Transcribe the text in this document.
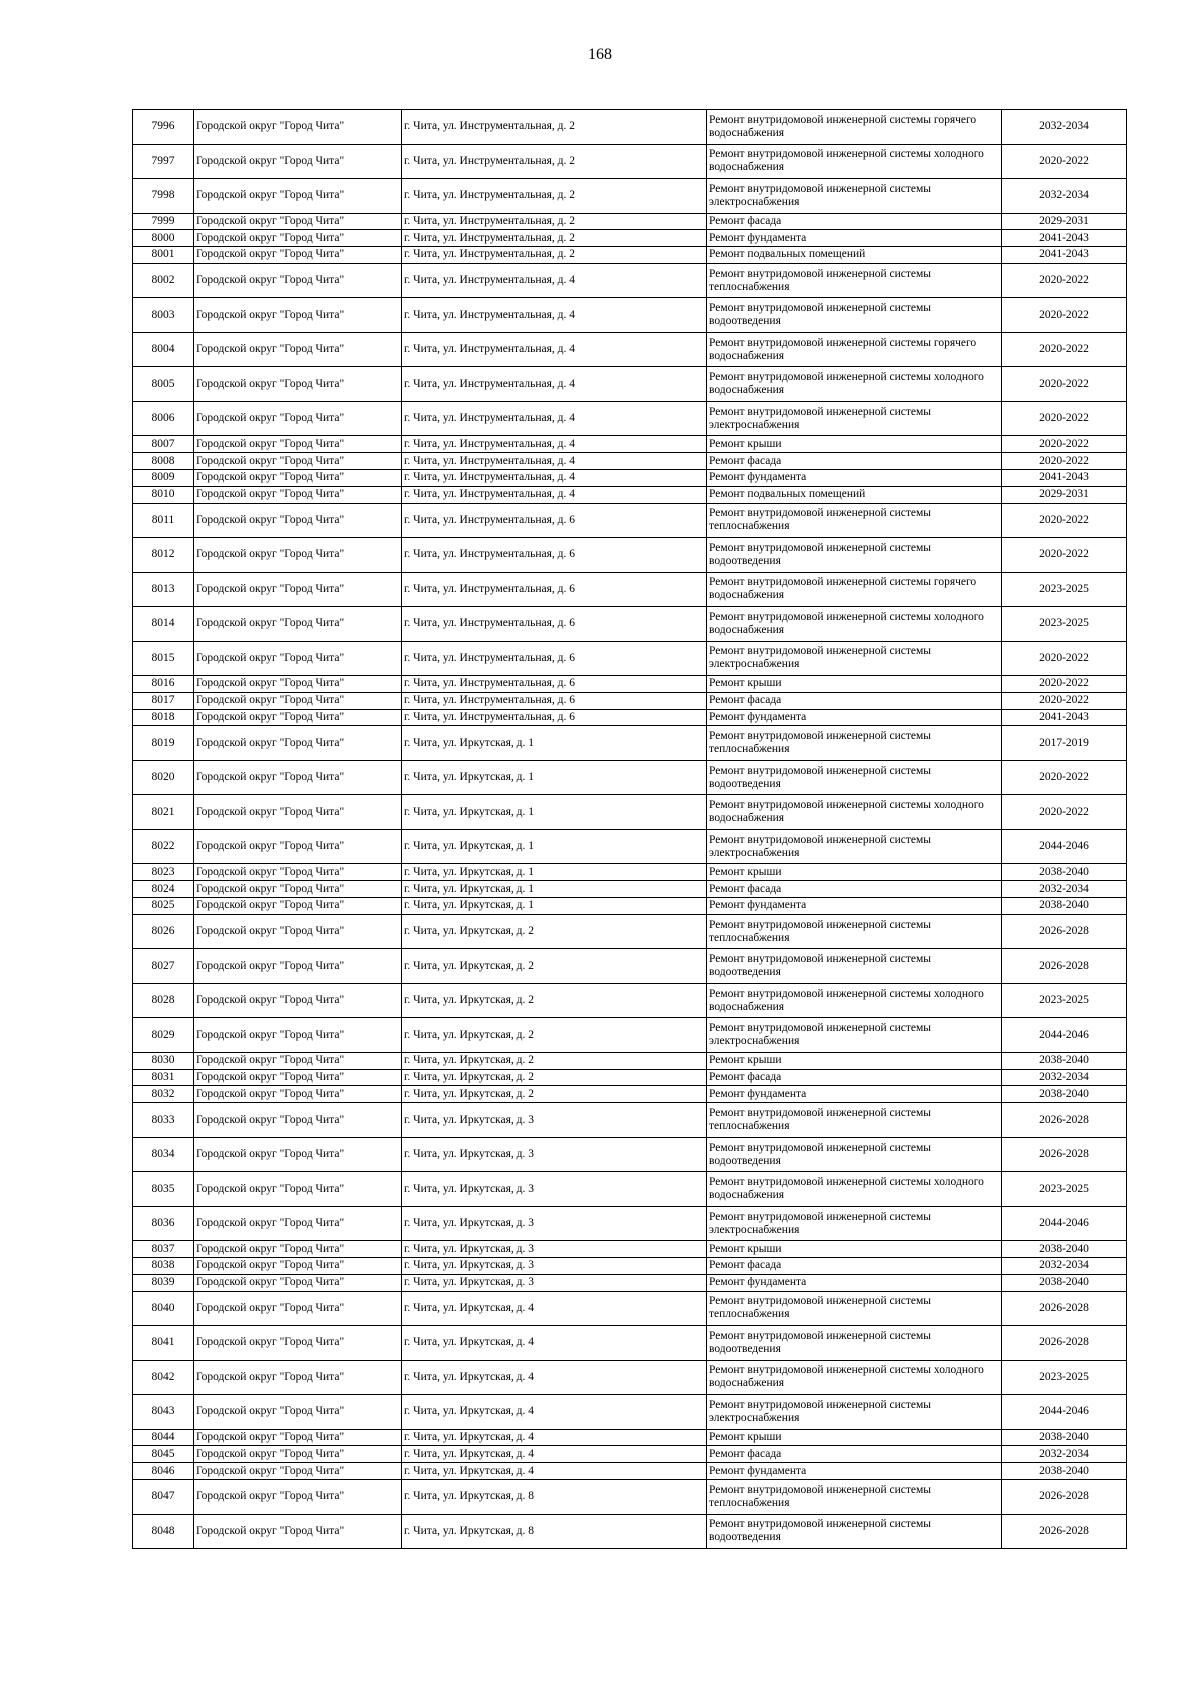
168
7996	Городской округ "Город Чита"	г. Чита, ул. Инструментальная, д. 2	Ремонт внутридомовой инженерной системы горячего водоснабжения	2032-2034
7997	Городской округ "Город Чита"	г. Чита, ул. Инструментальная, д. 2	Ремонт внутридомовой инженерной системы холодного водоснабжения	2020-2022
7998	Городской округ "Город Чита"	г. Чита, ул. Инструментальная, д. 2	Ремонт внутридомовой инженерной системы электроснабжения	2032-2034
7999	Городской округ "Город Чита"	г. Чита, ул. Инструментальная, д. 2	Ремонт фасада	2029-2031
8000	Городской округ "Город Чита"	г. Чита, ул. Инструментальная, д. 2	Ремонт фундамента	2041-2043
8001	Городской округ "Город Чита"	г. Чита, ул. Инструментальная, д. 2	Ремонт подвальных помещений	2041-2043
8002	Городской округ "Город Чита"	г. Чита, ул. Инструментальная, д. 4	Ремонт внутридомовой инженерной системы теплоснабжения	2020-2022
8003	Городской округ "Город Чита"	г. Чита, ул. Инструментальная, д. 4	Ремонт внутридомовой инженерной системы водоотведения	2020-2022
8004	Городской округ "Город Чита"	г. Чита, ул. Инструментальная, д. 4	Ремонт внутридомовой инженерной системы горячего водоснабжения	2020-2022
8005	Городской округ "Город Чита"	г. Чита, ул. Инструментальная, д. 4	Ремонт внутридомовой инженерной системы холодного водоснабжения	2020-2022
8006	Городской округ "Город Чита"	г. Чита, ул. Инструментальная, д. 4	Ремонт внутридомовой инженерной системы электроснабжения	2020-2022
8007	Городской округ "Город Чита"	г. Чита, ул. Инструментальная, д. 4	Ремонт крыши	2020-2022
8008	Городской округ "Город Чита"	г. Чита, ул. Инструментальная, д. 4	Ремонт фасада	2020-2022
8009	Городской округ "Город Чита"	г. Чита, ул. Инструментальная, д. 4	Ремонт фундамента	2041-2043
8010	Городской округ "Город Чита"	г. Чита, ул. Инструментальная, д. 4	Ремонт подвальных помещений	2029-2031
8011	Городской округ "Город Чита"	г. Чита, ул. Инструментальная, д. 6	Ремонт внутридомовой инженерной системы теплоснабжения	2020-2022
8012	Городской округ "Город Чита"	г. Чита, ул. Инструментальная, д. 6	Ремонт внутридомовой инженерной системы водоотведения	2020-2022
8013	Городской округ "Город Чита"	г. Чита, ул. Инструментальная, д. 6	Ремонт внутридомовой инженерной системы горячего водоснабжения	2023-2025
8014	Городской округ "Город Чита"	г. Чита, ул. Инструментальная, д. 6	Ремонт внутридомовой инженерной системы холодного водоснабжения	2023-2025
8015	Городской округ "Город Чита"	г. Чита, ул. Инструментальная, д. 6	Ремонт внутридомовой инженерной системы электроснабжения	2020-2022
8016	Городской округ "Город Чита"	г. Чита, ул. Инструментальная, д. 6	Ремонт крыши	2020-2022
8017	Городской округ "Город Чита"	г. Чита, ул. Инструментальная, д. 6	Ремонт фасада	2020-2022
8018	Городской округ "Город Чита"	г. Чита, ул. Инструментальная, д. 6	Ремонт фундамента	2041-2043
8019	Городской округ "Город Чита"	г. Чита, ул. Иркутская, д. 1	Ремонт внутридомовой инженерной системы теплоснабжения	2017-2019
8020	Городской округ "Город Чита"	г. Чита, ул. Иркутская, д. 1	Ремонт внутридомовой инженерной системы водоотведения	2020-2022
8021	Городской округ "Город Чита"	г. Чита, ул. Иркутская, д. 1	Ремонт внутридомовой инженерной системы холодного водоснабжения	2020-2022
8022	Городской округ "Город Чита"	г. Чита, ул. Иркутская, д. 1	Ремонт внутридомовой инженерной системы электроснабжения	2044-2046
8023	Городской округ "Город Чита"	г. Чита, ул. Иркутская, д. 1	Ремонт крыши	2038-2040
8024	Городской округ "Город Чита"	г. Чита, ул. Иркутская, д. 1	Ремонт фасада	2032-2034
8025	Городской округ "Город Чита"	г. Чита, ул. Иркутская, д. 1	Ремонт фундамента	2038-2040
8026	Городской округ "Город Чита"	г. Чита, ул. Иркутская, д. 2	Ремонт внутридомовой инженерной системы теплоснабжения	2026-2028
8027	Городской округ "Город Чита"	г. Чита, ул. Иркутская, д. 2	Ремонт внутридомовой инженерной системы водоотведения	2026-2028
8028	Городской округ "Город Чита"	г. Чита, ул. Иркутская, д. 2	Ремонт внутридомовой инженерной системы холодного водоснабжения	2023-2025
8029	Городской округ "Город Чита"	г. Чита, ул. Иркутская, д. 2	Ремонт внутридомовой инженерной системы электроснабжения	2044-2046
8030	Городской округ "Город Чита"	г. Чита, ул. Иркутская, д. 2	Ремонт крыши	2038-2040
8031	Городской округ "Город Чита"	г. Чита, ул. Иркутская, д. 2	Ремонт фасада	2032-2034
8032	Городской округ "Город Чита"	г. Чита, ул. Иркутская, д. 2	Ремонт фундамента	2038-2040
8033	Городской округ "Город Чита"	г. Чита, ул. Иркутская, д. 3	Ремонт внутридомовой инженерной системы теплоснабжения	2026-2028
8034	Городской округ "Город Чита"	г. Чита, ул. Иркутская, д. 3	Ремонт внутридомовой инженерной системы водоотведения	2026-2028
8035	Городской округ "Город Чита"	г. Чита, ул. Иркутская, д. 3	Ремонт внутридомовой инженерной системы холодного водоснабжения	2023-2025
8036	Городской округ "Город Чита"	г. Чита, ул. Иркутская, д. 3	Ремонт внутридомовой инженерной системы электроснабжения	2044-2046
8037	Городской округ "Город Чита"	г. Чита, ул. Иркутская, д. 3	Ремонт крыши	2038-2040
8038	Городской округ "Город Чита"	г. Чита, ул. Иркутская, д. 3	Ремонт фасада	2032-2034
8039	Городской округ "Город Чита"	г. Чита, ул. Иркутская, д. 3	Ремонт фундамента	2038-2040
8040	Городской округ "Город Чита"	г. Чита, ул. Иркутская, д. 4	Ремонт внутридомовой инженерной системы теплоснабжения	2026-2028
8041	Городской округ "Город Чита"	г. Чита, ул. Иркутская, д. 4	Ремонт внутридомовой инженерной системы водоотведения	2026-2028
8042	Городской округ "Город Чита"	г. Чита, ул. Иркутская, д. 4	Ремонт внутридомовой инженерной системы холодного водоснабжения	2023-2025
8043	Городской округ "Город Чита"	г. Чита, ул. Иркутская, д. 4	Ремонт внутридомовой инженерной системы электроснабжения	2044-2046
8044	Городской округ "Город Чита"	г. Чита, ул. Иркутская, д. 4	Ремонт крыши	2038-2040
8045	Городской округ "Город Чита"	г. Чита, ул. Иркутская, д. 4	Ремонт фасада	2032-2034
8046	Городской округ "Город Чита"	г. Чита, ул. Иркутская, д. 4	Ремонт фундамента	2038-2040
8047	Городской округ "Город Чита"	г. Чита, ул. Иркутская, д. 8	Ремонт внутридомовой инженерной системы теплоснабжения	2026-2028
8048	Городской округ "Город Чита"	г. Чита, ул. Иркутская, д. 8	Ремонт внутридомовой инженерной системы водоотведения	2026-2028
